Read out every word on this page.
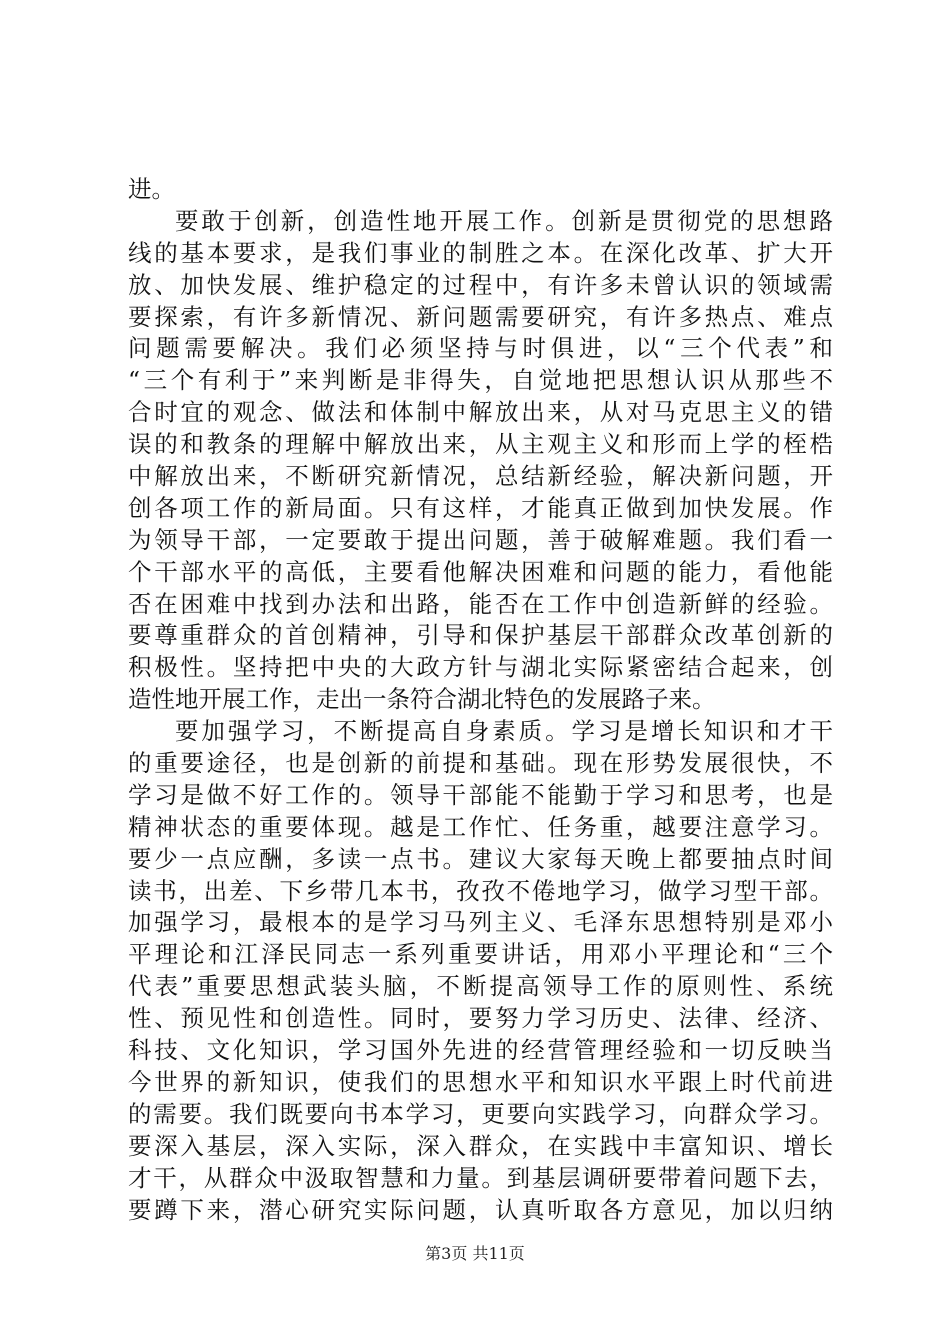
进。
要敢于创新，创造性地开展工作。创新是贯彻党的思想路
线的基本要求，是我们事业的制胜之本。在深化改革、扩大开
放、加快发展、维护稳定的过程中，有许多未曾认识的领域需
要探索，有许多新情况、新问题需要研究，有许多热点、难点
问题需要解决。我们必须坚持与时俱进，以“三个代表”和
“三个有利于”来判断是非得失，自觉地把思想认识从那些不
合时宜的观念、做法和体制中解放出来，从对马克思主义的错
误的和教条的理解中解放出来，从主观主义和形而上学的桎梏
中解放出来，不断研究新情况，总结新经验，解决新问题，开
创各项工作的新局面。只有这样，才能真正做到加快发展。作
为领导干部，一定要敢于提出问题，善于破解难题。我们看一
个干部水平的高低，主要看他解决困难和问题的能力，看他能
否在困难中找到办法和出路，能否在工作中创造新鲜的经验。
要尊重群众的首创精神，引导和保护基层干部群众改革创新的
积极性。坚持把中央的大政方针与湖北实际紧密结合起来，创
造性地开展工作，走出一条符合湖北特色的发展路子来。
要加强学习，不断提高自身素质。学习是增长知识和才干
的重要途径，也是创新的前提和基础。现在形势发展很快，不
学习是做不好工作的。领导干部能不能勤于学习和思考，也是
精神状态的重要体现。越是工作忙、任务重，越要注意学习。
要少一点应酬，多读一点书。建议大家每天晚上都要抽点时间
读书，出差、下乡带几本书，孜孜不倦地学习，做学习型干部。
加强学习，最根本的是学习马列主义、毛泽东思想特别是邓小
平理论和江泽民同志一系列重要讲话，用邓小平理论和“三个
代表”重要思想武装头脑，不断提高领导工作的原则性、系统
性、预见性和创造性。同时，要努力学习历史、法律、经济、
科技、文化知识，学习国外先进的经营管理经验和一切反映当
今世界的新知识，使我们的思想水平和知识水平跟上时代前进
的需要。我们既要向书本学习，更要向实践学习，向群众学习。
要深入基层，深入实际，深入群众，在实践中丰富知识、增长
才干，从群众中汲取智慧和力量。到基层调研要带着问题下去，
要蹲下来，潜心研究实际问题，认真听取各方意见，加以归纳
第3页 共11页
